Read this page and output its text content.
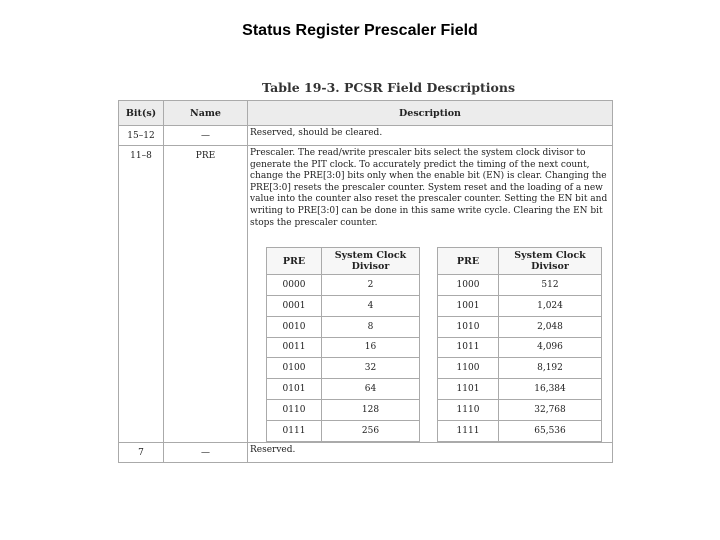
Status Register Prescaler Field
Table 19-3. PCSR Field Descriptions
Bit(s)	Name	Description
15–12	—	Reserved, should be cleared.
11–8	PRE	Prescaler. The read/write prescaler bits select the system clock divisor to generate the PIT clock. To accurately predict the timing of the next count, change the PRE[3:0] bits only when the enable bit (EN) is clear. Changing the PRE[3:0] resets the prescaler counter. System reset and the loading of a new value into the counter also reset the prescaler counter. Setting the EN bit and writing to PRE[3:0] can be done in this same write cycle. Clearing the EN bit stops the prescaler counter.
PRE	System Clock Divisor
0000	2
0001	4
0010	8
0011	16
0100	32
0101	64
0110	128
0111	256
PRE	System Clock Divisor
1000	512
1001	1,024
1010	2,048
1011	4,096
1100	8,192
1101	16,384
1110	32,768
1111	65,536

7	—	Reserved.
